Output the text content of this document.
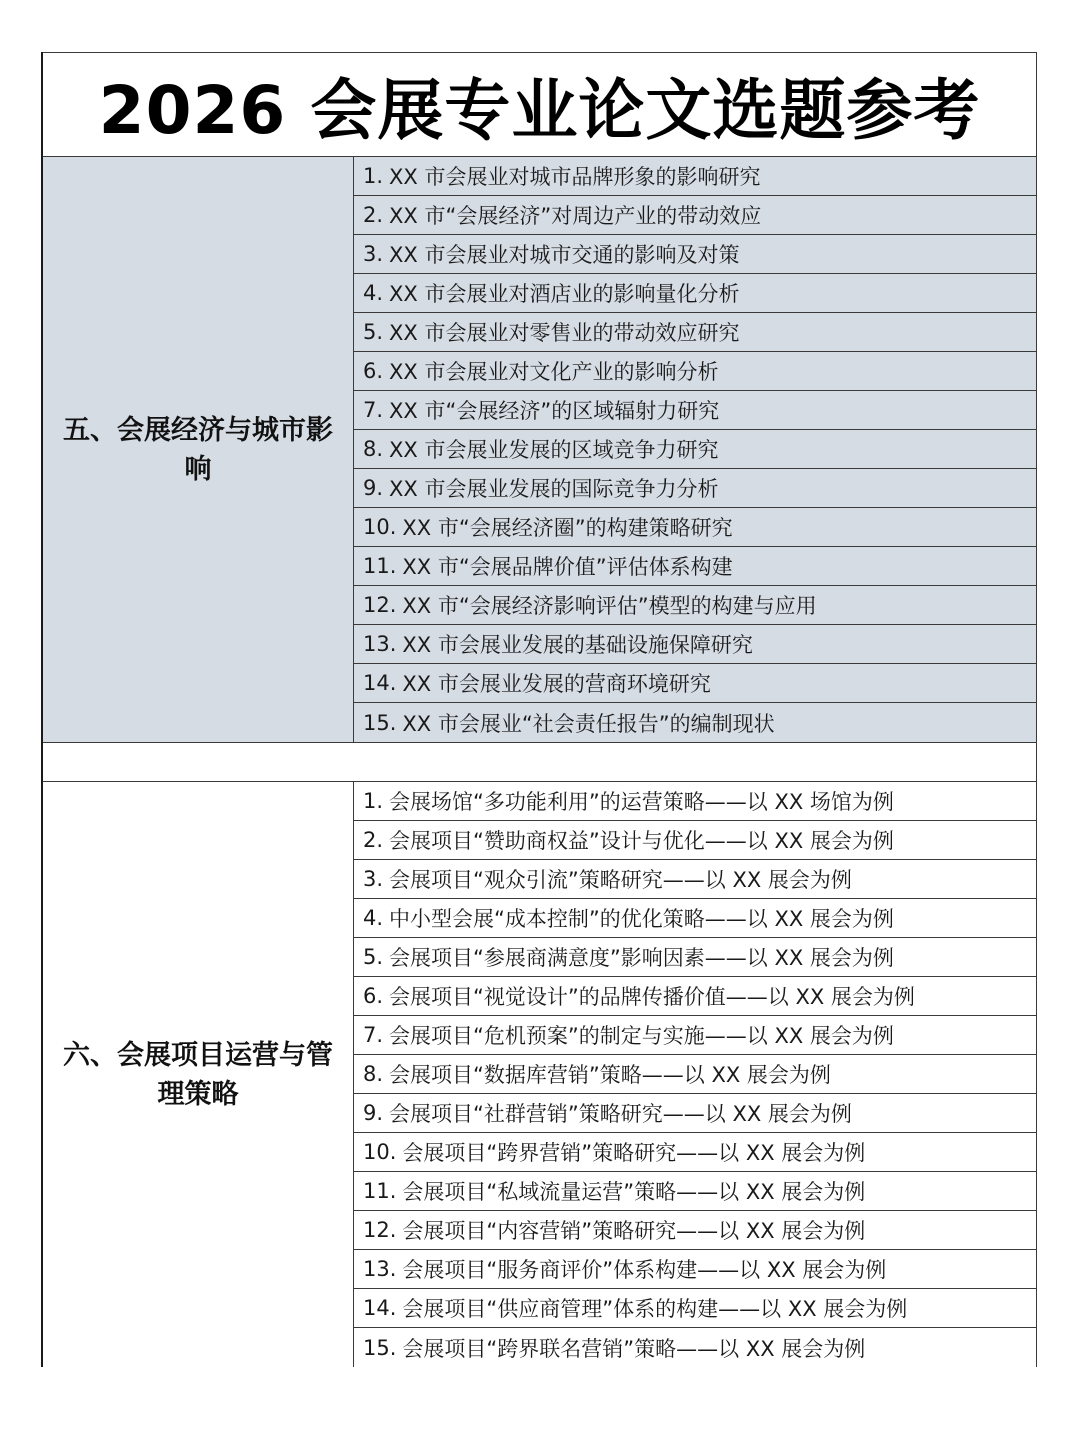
2026 会展专业论文选题参考
五、会展经济与城市影响
1. XX 市会展业对城市品牌形象的影响研究
2. XX 市“会展经济”对周边产业的带动效应
3. XX 市会展业对城市交通的影响及对策
4. XX 市会展业对酒店业的影响量化分析
5. XX 市会展业对零售业的带动效应研究
6. XX 市会展业对文化产业的影响分析
7. XX 市“会展经济”的区域辐射力研究
8. XX 市会展业发展的区域竞争力研究
9. XX 市会展业发展的国际竞争力分析
10. XX 市“会展经济圈”的构建策略研究
11. XX 市“会展品牌价值”评估体系构建
12. XX 市“会展经济影响评估”模型的构建与应用
13. XX 市会展业发展的基础设施保障研究
14. XX 市会展业发展的营商环境研究
15. XX 市会展业“社会责任报告”的编制现状
六、会展项目运营与管理策略
1. 会展场馆“多功能利用”的运营策略——以 XX 场馆为例
2. 会展项目“赞助商权益”设计与优化——以 XX 展会为例
3. 会展项目“观众引流”策略研究——以 XX 展会为例
4. 中小型会展“成本控制”的优化策略——以 XX 展会为例
5. 会展项目“参展商满意度”影响因素——以 XX 展会为例
6. 会展项目“视觉设计”的品牌传播价值——以 XX 展会为例
7. 会展项目“危机预案”的制定与实施——以 XX 展会为例
8. 会展项目“数据库营销”策略——以 XX 展会为例
9. 会展项目“社群营销”策略研究——以 XX 展会为例
10. 会展项目“跨界营销”策略研究——以 XX 展会为例
11. 会展项目“私域流量运营”策略——以 XX 展会为例
12. 会展项目“内容营销”策略研究——以 XX 展会为例
13. 会展项目“服务商评价”体系构建——以 XX 展会为例
14. 会展项目“供应商管理”体系的构建——以 XX 展会为例
15. 会展项目“跨界联名营销”策略——以 XX 展会为例
